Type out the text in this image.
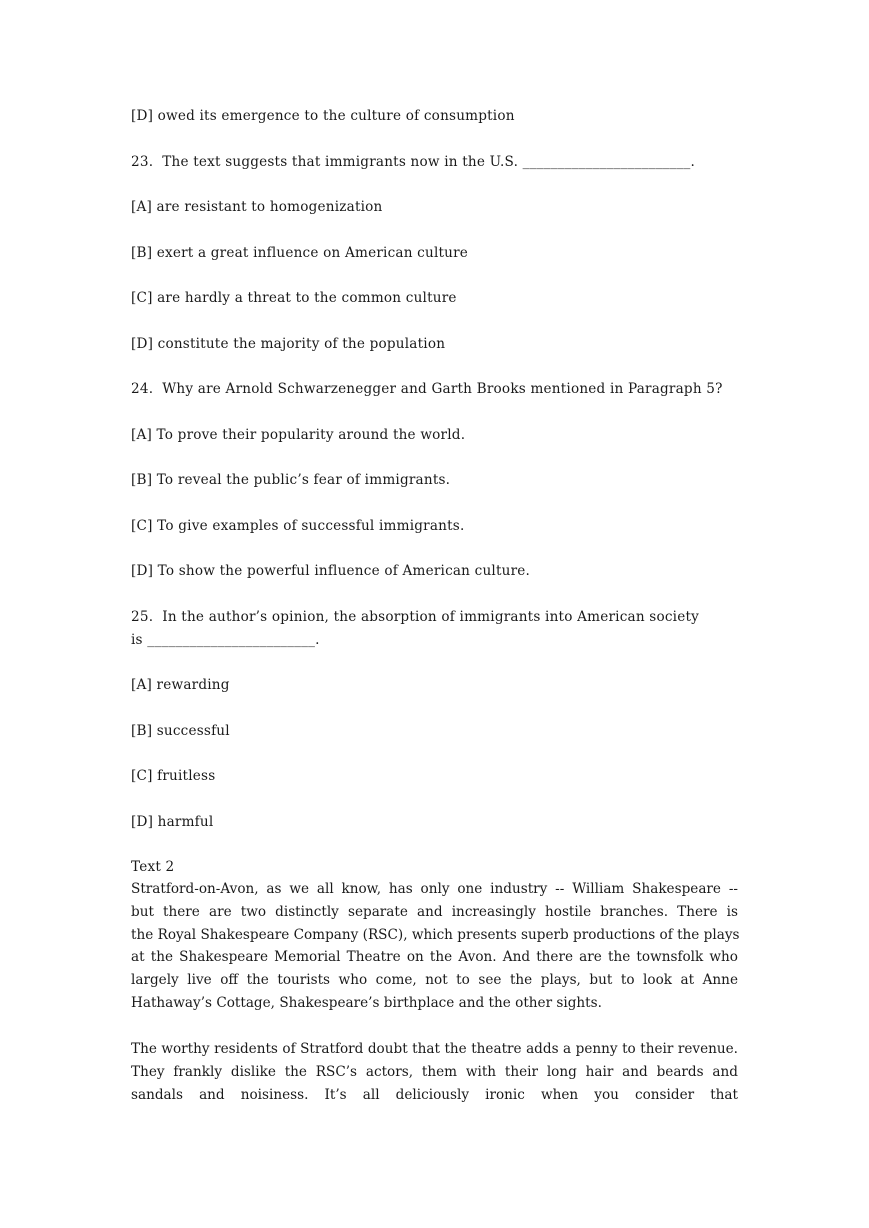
[D] owed its emergence to the culture of consumption
23.  The text suggests that immigrants now in the U.S. ________________________.
[A] are resistant to homogenization
[B] exert a great influence on American culture
[C] are hardly a threat to the common culture
[D] constitute the majority of the population
24.  Why are Arnold Schwarzenegger and Garth Brooks mentioned in Paragraph 5?
[A] To prove their popularity around the world.
[B] To reveal the public’s fear of immigrants.
[C] To give examples of successful immigrants.
[D] To show the powerful influence of American culture.
25.  In the author’s opinion, the absorption of immigrants into American society
is ________________________.
[A] rewarding
[B] successful
[C] fruitless
[D] harmful
Text 2
Stratford-on-Avon, as we all know, has only one industry -- William Shakespeare --
but there are two distinctly separate and increasingly hostile branches. There is
the Royal Shakespeare Company (RSC), which presents superb productions of the plays
at the Shakespeare Memorial Theatre on the Avon. And there are the townsfolk who
largely live off the tourists who come, not to see the plays, but to look at Anne
Hathaway’s Cottage, Shakespeare’s birthplace and the other sights.
The worthy residents of Stratford doubt that the theatre adds a penny to their revenue.
They frankly dislike the RSC’s actors, them with their long hair and beards and
sandals and noisiness. It’s all deliciously ironic when you consider that
